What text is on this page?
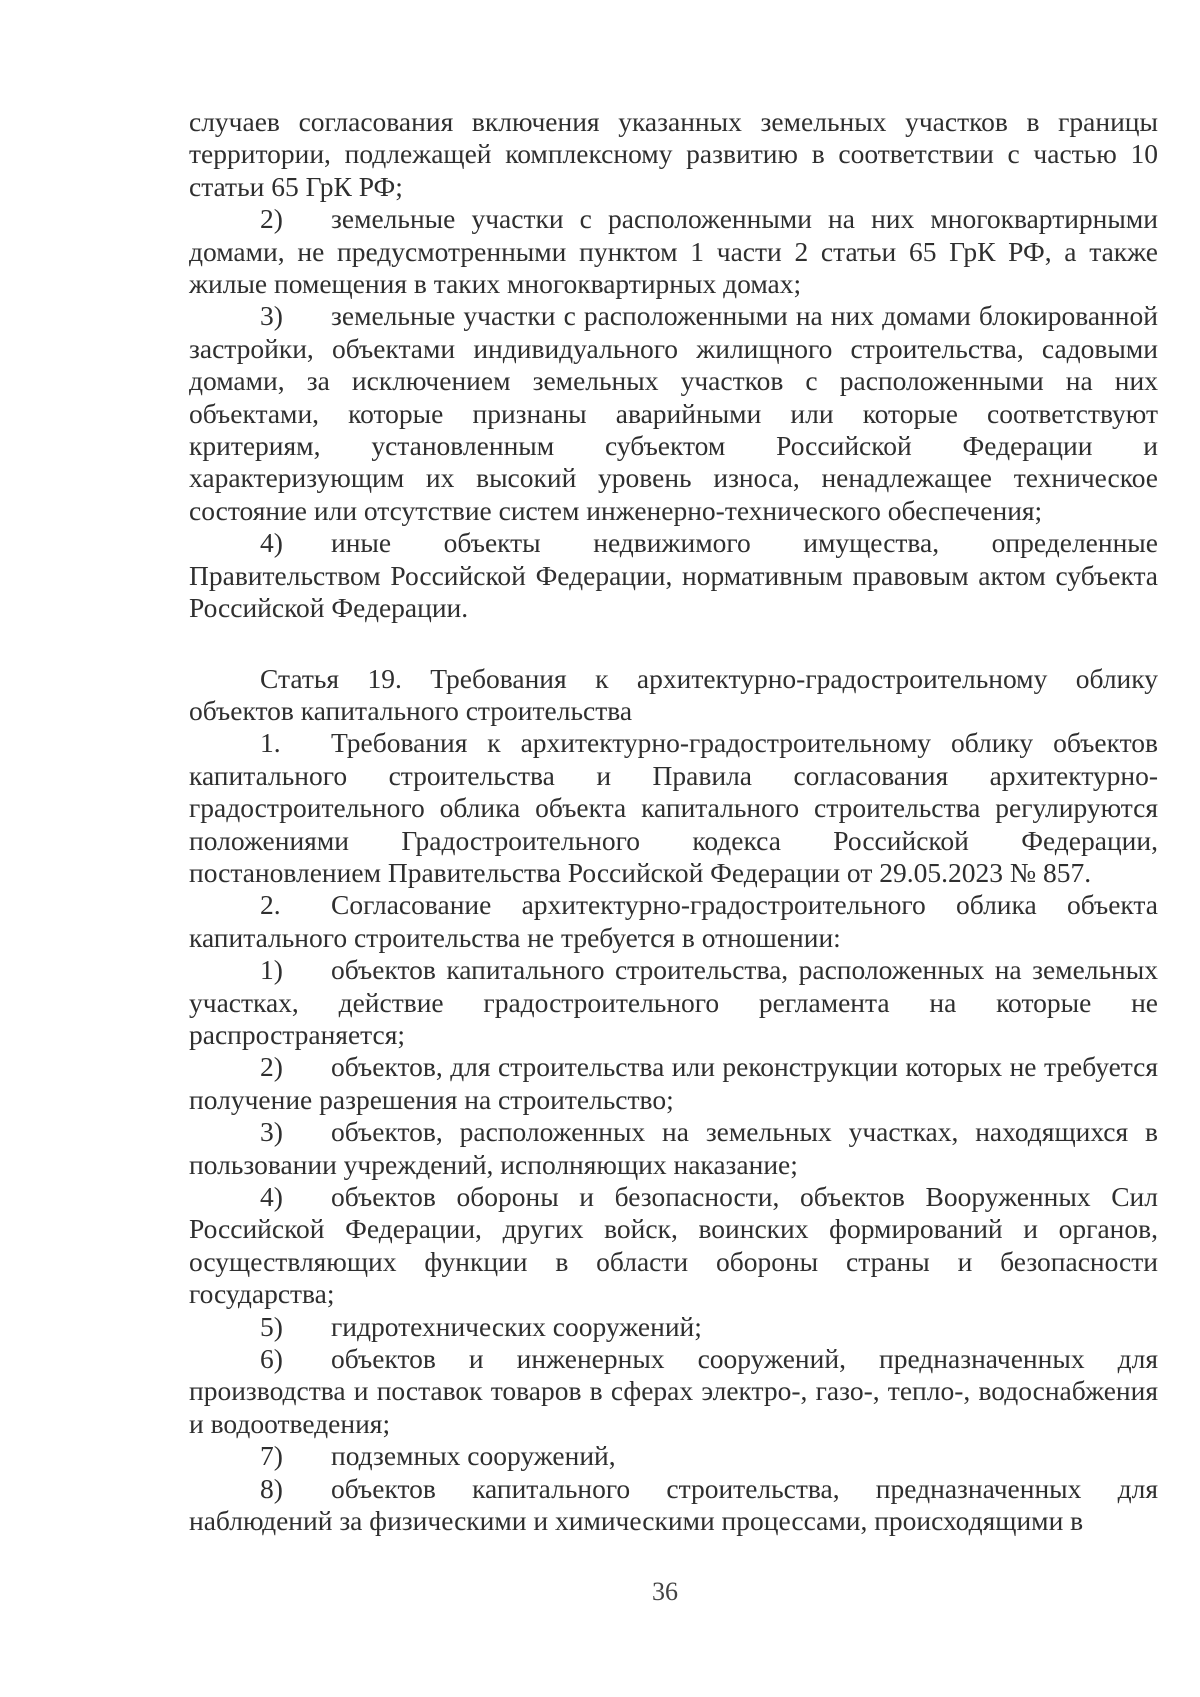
случаев согласования включения указанных земельных участков в границы территории, подлежащей комплексному развитию в соответствии с частью 10 статьи 65 ГрК РФ;

2) земельные участки с расположенными на них многоквартирными домами, не предусмотренными пунктом 1 части 2 статьи 65 ГрК РФ, а также жилые помещения в таких многоквартирных домах;

3) земельные участки с расположенными на них домами блокированной застройки, объектами индивидуального жилищного строительства, садовыми домами, за исключением земельных участков с расположенными на них объектами, которые признаны аварийными или которые соответствуют критериям, установленным субъектом Российской Федерации и характеризующим их высокий уровень износа, ненадлежащее техническое состояние или отсутствие систем инженерно-технического обеспечения;

4) иные объекты недвижимого имущества, определенные Правительством Российской Федерации, нормативным правовым актом субъекта Российской Федерации.

Статья 19. Требования к архитектурно-градостроительному облику объектов капитального строительства

1. Требования к архитектурно-градостроительному облику объектов капитального строительства и Правила согласования архитектурно-градостроительного облика объекта капитального строительства регулируются положениями Градостроительного кодекса Российской Федерации, постановлением Правительства Российской Федерации от 29.05.2023 № 857.

2. Согласование архитектурно-градостроительного облика объекта капитального строительства не требуется в отношении:

1) объектов капитального строительства, расположенных на земельных участках, действие градостроительного регламента на которые не распространяется;

2) объектов, для строительства или реконструкции которых не требуется получение разрешения на строительство;

3) объектов, расположенных на земельных участках, находящихся в пользовании учреждений, исполняющих наказание;

4) объектов обороны и безопасности, объектов Вооруженных Сил Российской Федерации, других войск, воинских формирований и органов, осуществляющих функции в области обороны страны и безопасности государства;

5) гидротехнических сооружений;

6) объектов и инженерных сооружений, предназначенных для производства и поставок товаров в сферах электро-, газо-, тепло-, водоснабжения и водоотведения;

7) подземных сооружений,

8) объектов капитального строительства, предназначенных для наблюдений за физическими и химическими процессами, происходящими в

36
